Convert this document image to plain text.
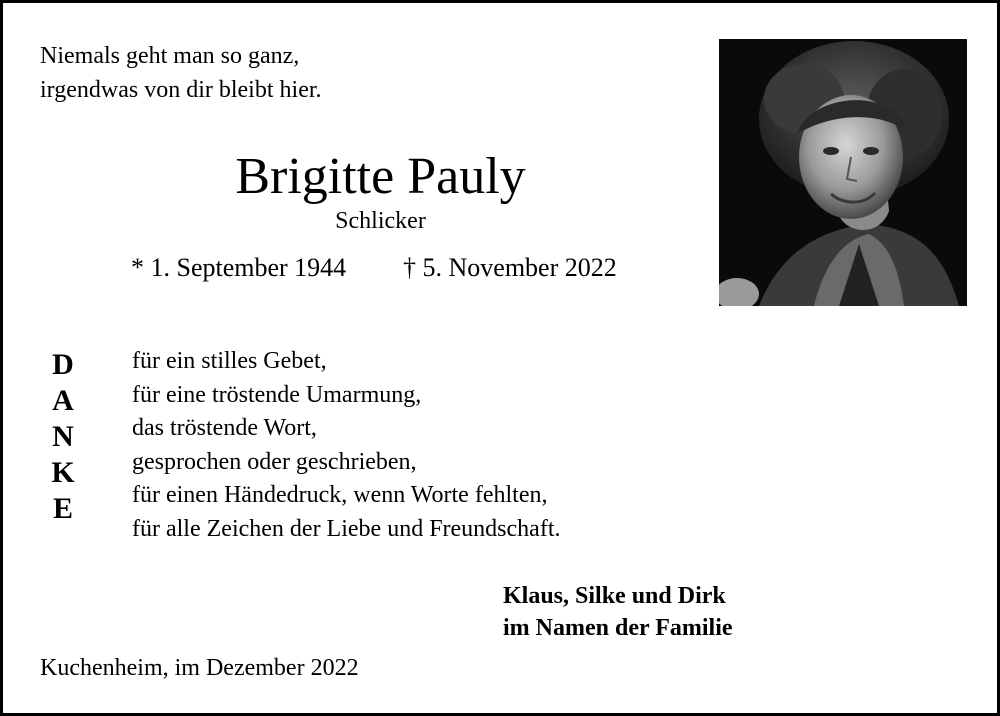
Niemals geht man so ganz,
irgendwas von dir bleibt hier.
Brigitte Pauly
Schlicker
* 1. September 1944 † 5. November 2022
D
A
N
K
E
für ein stilles Gebet,
für eine tröstende Umarmung,
das tröstende Wort,
gesprochen oder geschrieben,
für einen Händedruck, wenn Worte fehlten,
für alle Zeichen der Liebe und Freundschaft.
Klaus, Silke und Dirk
im Namen der Familie
Kuchenheim, im Dezember 2022
